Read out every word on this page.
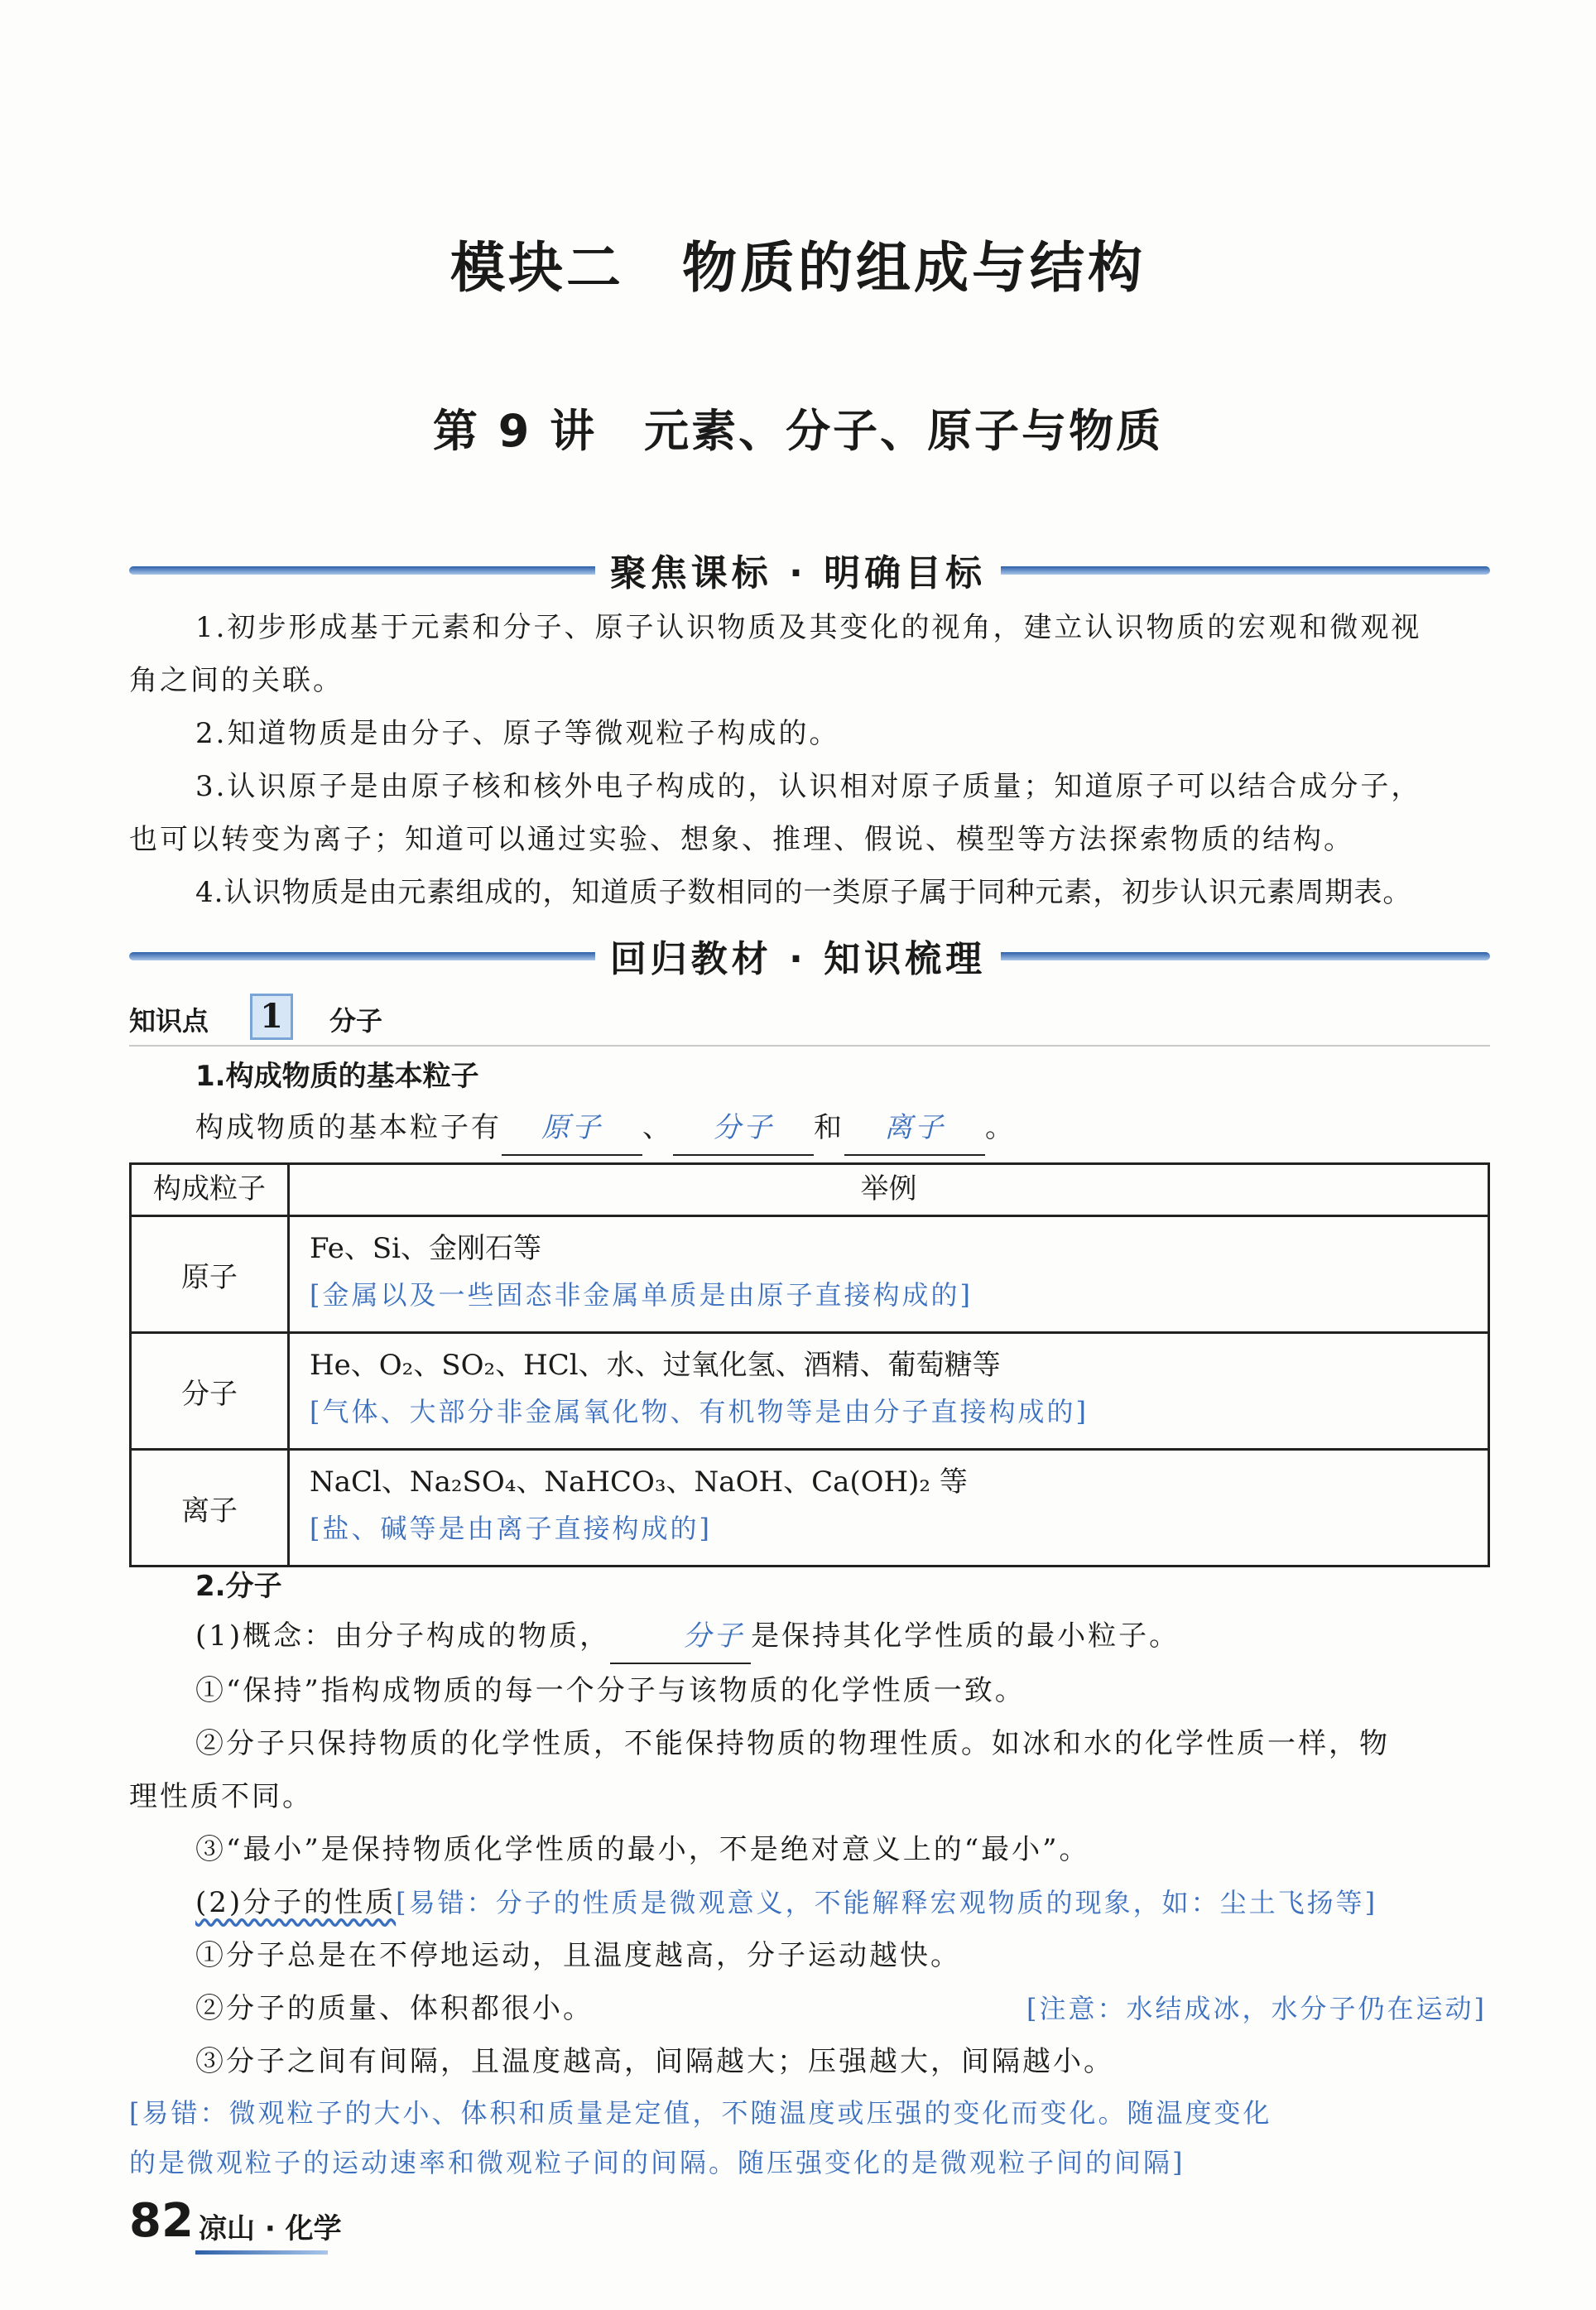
模块二　物质的组成与结构
第 9 讲　元素、分子、原子与物质
聚焦课标 · 明确目标
1.初步形成基于元素和分子、原子认识物质及其变化的视角，建立认识物质的宏观和微观视
角之间的关联。
2.知道物质是由分子、原子等微观粒子构成的。
3.认识原子是由原子核和核外电子构成的，认识相对原子质量；知道原子可以结合成分子，
也可以转变为离子；知道可以通过实验、想象、推理、假说、模型等方法探索物质的结构。
4.认识物质是由元素组成的，知道质子数相同的一类原子属于同种元素，初步认识元素周期表。
回归教材 · 知识梳理
知识点	1	分子
1.构成物质的基本粒子
构成物质的基本粒子有 原子 、 分子 和 离子 。
构成粒子	举例
原子	Fe、Si、金刚石等
[金属以及一些固态非金属单质是由原子直接构成的]

分子	He、O₂、SO₂、HCl、水、过氧化氢、酒精、葡萄糖等
[气体、大部分非金属氧化物、有机物等是由分子直接构成的]

离子	NaCl、Na₂SO₄、NaHCO₃、NaOH、Ca(OH)₂ 等
[盐、碱等是由离子直接构成的]
2.分子
(1)概念：由分子构成的物质，	分子 是保持其化学性质的最小粒子。
①“保持”指构成物质的每一个分子与该物质的化学性质一致。
②分子只保持物质的化学性质，不能保持物质的物理性质。如冰和水的化学性质一样，物
理性质不同。
③“最小”是保持物质化学性质的最小，不是绝对意义上的“最小”。
(2)分子的性质[易错：分子的性质是微观意义，不能解释宏观物质的现象，如：尘土飞扬等]
①分子总是在不停地运动，且温度越高，分子运动越快。
②分子的质量、体积都很小。	[注意：水结成冰，水分子仍在运动]
③分子之间有间隔，且温度越高，间隔越大；压强越大，间隔越小。
[易错：微观粒子的大小、体积和质量是定值，不随温度或压强的变化而变化。随温度变化
的是微观粒子的运动速率和微观粒子间的间隔。随压强变化的是微观粒子间的间隔]
82 凉山 · 化学
